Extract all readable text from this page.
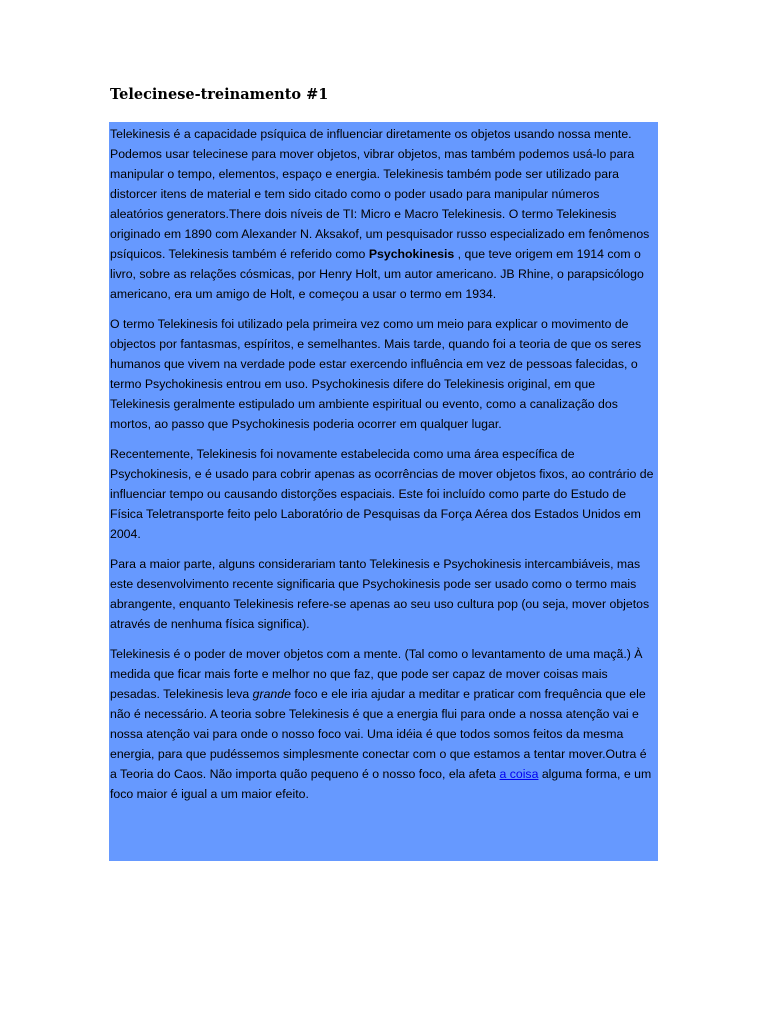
Telecinese-treinamento #1

Telekinesis é a capacidade psíquica de influenciar diretamente os objetos usando nossa mente. Podemos usar telecinese para mover objetos, vibrar objetos, mas também podemos usá-lo para manipular o tempo, elementos, espaço e energia. Telekinesis também pode ser utilizado para distorcer itens de material e tem sido citado como o poder usado para manipular números aleatórios generators.There dois níveis de TI: Micro e Macro Telekinesis. O termo Telekinesis originado em 1890 com Alexander N. Aksakof, um pesquisador russo especializado em fenômenos psíquicos. Telekinesis também é referido como Psychokinesis , que teve origem em 1914 com o livro, sobre as relações cósmicas, por Henry Holt, um autor americano. JB Rhine, o parapsicólogo americano, era um amigo de Holt, e começou a usar o termo em 1934.

O termo Telekinesis foi utilizado pela primeira vez como um meio para explicar o movimento de objectos por fantasmas, espíritos, e semelhantes. Mais tarde, quando foi a teoria de que os seres humanos que vivem na verdade pode estar exercendo influência em vez de pessoas falecidas, o termo Psychokinesis entrou em uso. Psychokinesis difere do Telekinesis original, em que Telekinesis geralmente estipulado um ambiente espiritual ou evento, como a canalização dos mortos, ao passo que Psychokinesis poderia ocorrer em qualquer lugar.

Recentemente, Telekinesis foi novamente estabelecida como uma área específica de Psychokinesis, e é usado para cobrir apenas as ocorrências de mover objetos fixos, ao contrário de influenciar tempo ou causando distorções espaciais. Este foi incluído como parte do Estudo de Física Teletransporte feito pelo Laboratório de Pesquisas da Força Aérea dos Estados Unidos em 2004.

Para a maior parte, alguns considerariam tanto Telekinesis e Psychokinesis intercambiáveis, mas este desenvolvimento recente significaria que Psychokinesis pode ser usado como o termo mais abrangente, enquanto Telekinesis refere-se apenas ao seu uso cultura pop (ou seja, mover objetos através de nenhuma física significa).

Telekinesis é o poder de mover objetos com a mente. (Tal como o levantamento de uma maçã.) À medida que ficar mais forte e melhor no que faz, que pode ser capaz de mover coisas mais pesadas. Telekinesis leva grande foco e ele iria ajudar a meditar e praticar com frequência que ele não é necessário. A teoria sobre Telekinesis é que a energia flui para onde a nossa atenção vai e nossa atenção vai para onde o nosso foco vai. Uma idéia é que todos somos feitos da mesma energia, para que pudéssemos simplesmente conectar com o que estamos a tentar mover.Outra é a Teoria do Caos. Não importa quão pequeno é o nosso foco, ela afeta a coisa alguma forma, e um foco maior é igual a um maior efeito.
